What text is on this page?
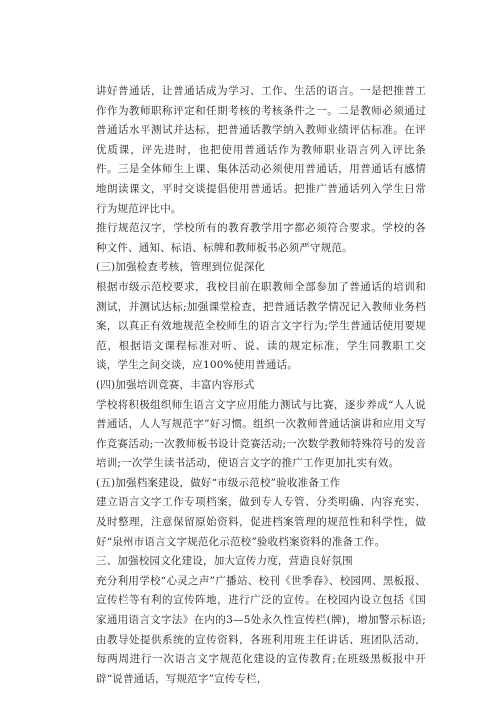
讲好普通话，让普通话成为学习、工作、生活的语言。一是把推普工作作为教师职称评定和任期考核的考核条件之一。二是教师必须通过普通话水平测试并达标，把普通话教学纳入教师业绩评估标准。在评优质课，评先进时，也把使用普通话作为教师职业语言列入评比条件。三是全体师生上课、集体活动必须使用普通话，用普通话有感情地朗读课文，平时交谈提倡使用普通话。把推广普通话列入学生日常行为规范评比中。

推行规范汉字，学校所有的教育教学用字都必须符合要求。学校的各种文件、通知、标语、标牌和教师板书必须严守规范。

(三)加强检查考核，管理到位促深化

根据市级示范校要求，我校目前在职教师全部参加了普通话的培训和测试，并测试达标;加强课堂检查，把普通话教学情况记入教师业务档案，以真正有效地规范全校师生的语言文字行为;学生普通话使用要规范，根据语文课程标准对听、说、读的规定标准，学生同教职工交谈，学生之间交谈，应100%使用普通话。

(四)加强培训竞赛，丰富内容形式

学校将积极组织师生语言文字应用能力测试与比赛，逐步养成“人人说普通话，人人写规范字”好习惯。组织一次教师普通话演讲和应用文写作竞赛活动;一次教师板书设计竞赛活动;一次数学教师特殊符号的发音培训;一次学生读书活动，使语言文字的推广工作更加扎实有效。

(五)加强档案建设，做好“市级示范校”验收准备工作

建立语言文字工作专项档案，做到专人专管、分类明确、内容充实、及时整理，注意保留原始资料，促进档案管理的规范性和科学性，做好“泉州市语言文字规范化示范校”验收档案资料的准备工作。

三、加强校园文化建设，加大宣传力度，营造良好氛围

充分利用学校“心灵之声”广播站、校刊《世季春》、校园网、黑板报、宣传栏等有利的宣传阵地，进行广泛的宣传。在校园内设立包括《国家通用语言文字法》在内的3—5处永久性宣传栏(牌)，增加警示标语;由教导处提供系统的宣传资料，各班利用班主任讲话、班团队活动，每两周进行一次语言文字规范化建设的宣传教育;在班级黑板报中开辟“说普通话，写规范字”宣传专栏，
